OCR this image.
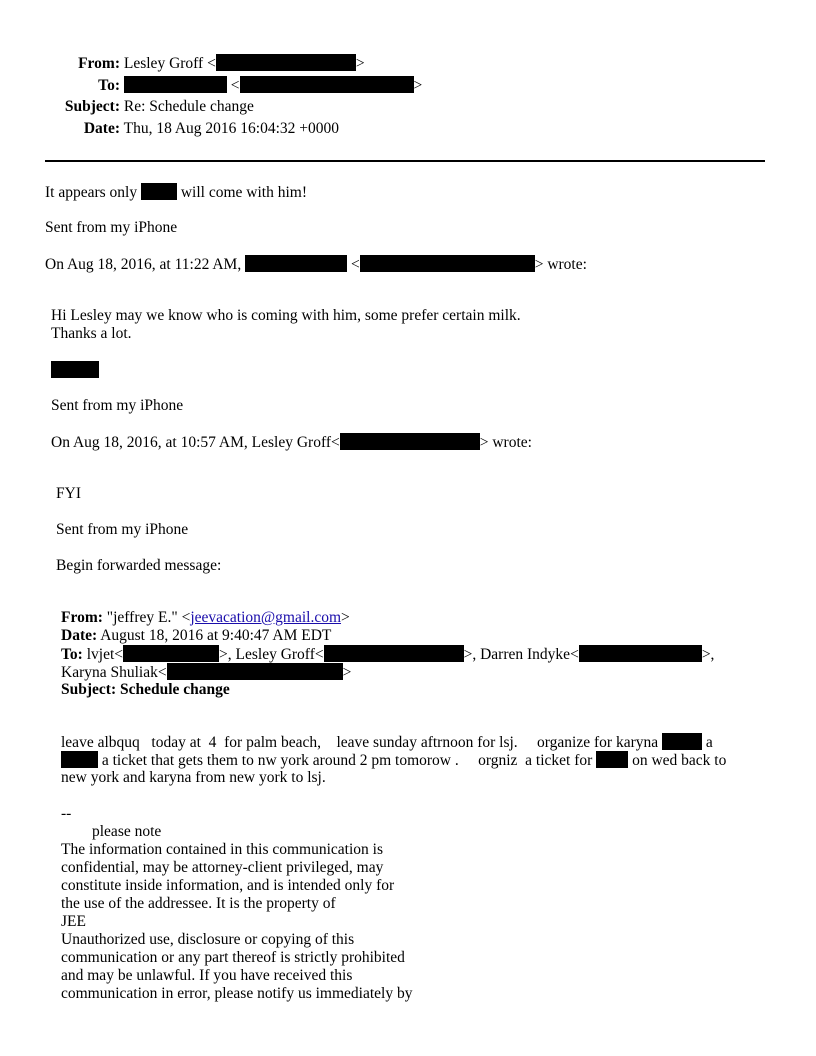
From: Lesley Groff <	>
To:	<	>
Subject: Re: Schedule change
Date: Thu, 18 Aug 2016 16:04:32 +0000
It appears only	will come with him!
Sent from my iPhone
On Aug 18, 2016, at 11:22 AM,	<	> wrote:
Hi Lesley may we know who is coming with him, some prefer certain milk.
Thanks a lot.
Sent from my iPhone
On Aug 18, 2016, at 10:57 AM, Lesley Groff<	> wrote:
FYI
Sent from my iPhone
Begin forwarded message:
From: "jeffrey E." <jeevacation@gmail.com>
Date: August 18, 2016 at 9:40:47 AM EDT
To: lvjet<	>, Lesley Groff<	>, Darren Indyke<	>,
Karyna Shuliak<	>
Subject: Schedule change
leave albquq   today at  4  for palm beach,    leave sunday aftrnoon for lsj.     organize for karyna	a
a ticket that gets them to nw york around 2 pm tomorow .     orgniz  a ticket for	on wed back to
new york and karyna from new york to lsj.
--
please note
The information contained in this communication is
confidential, may be attorney-client privileged, may
constitute inside information, and is intended only for
the use of the addressee. It is the property of
JEE
Unauthorized use, disclosure or copying of this
communication or any part thereof is strictly prohibited
and may be unlawful. If you have received this
communication in error, please notify us immediately by
